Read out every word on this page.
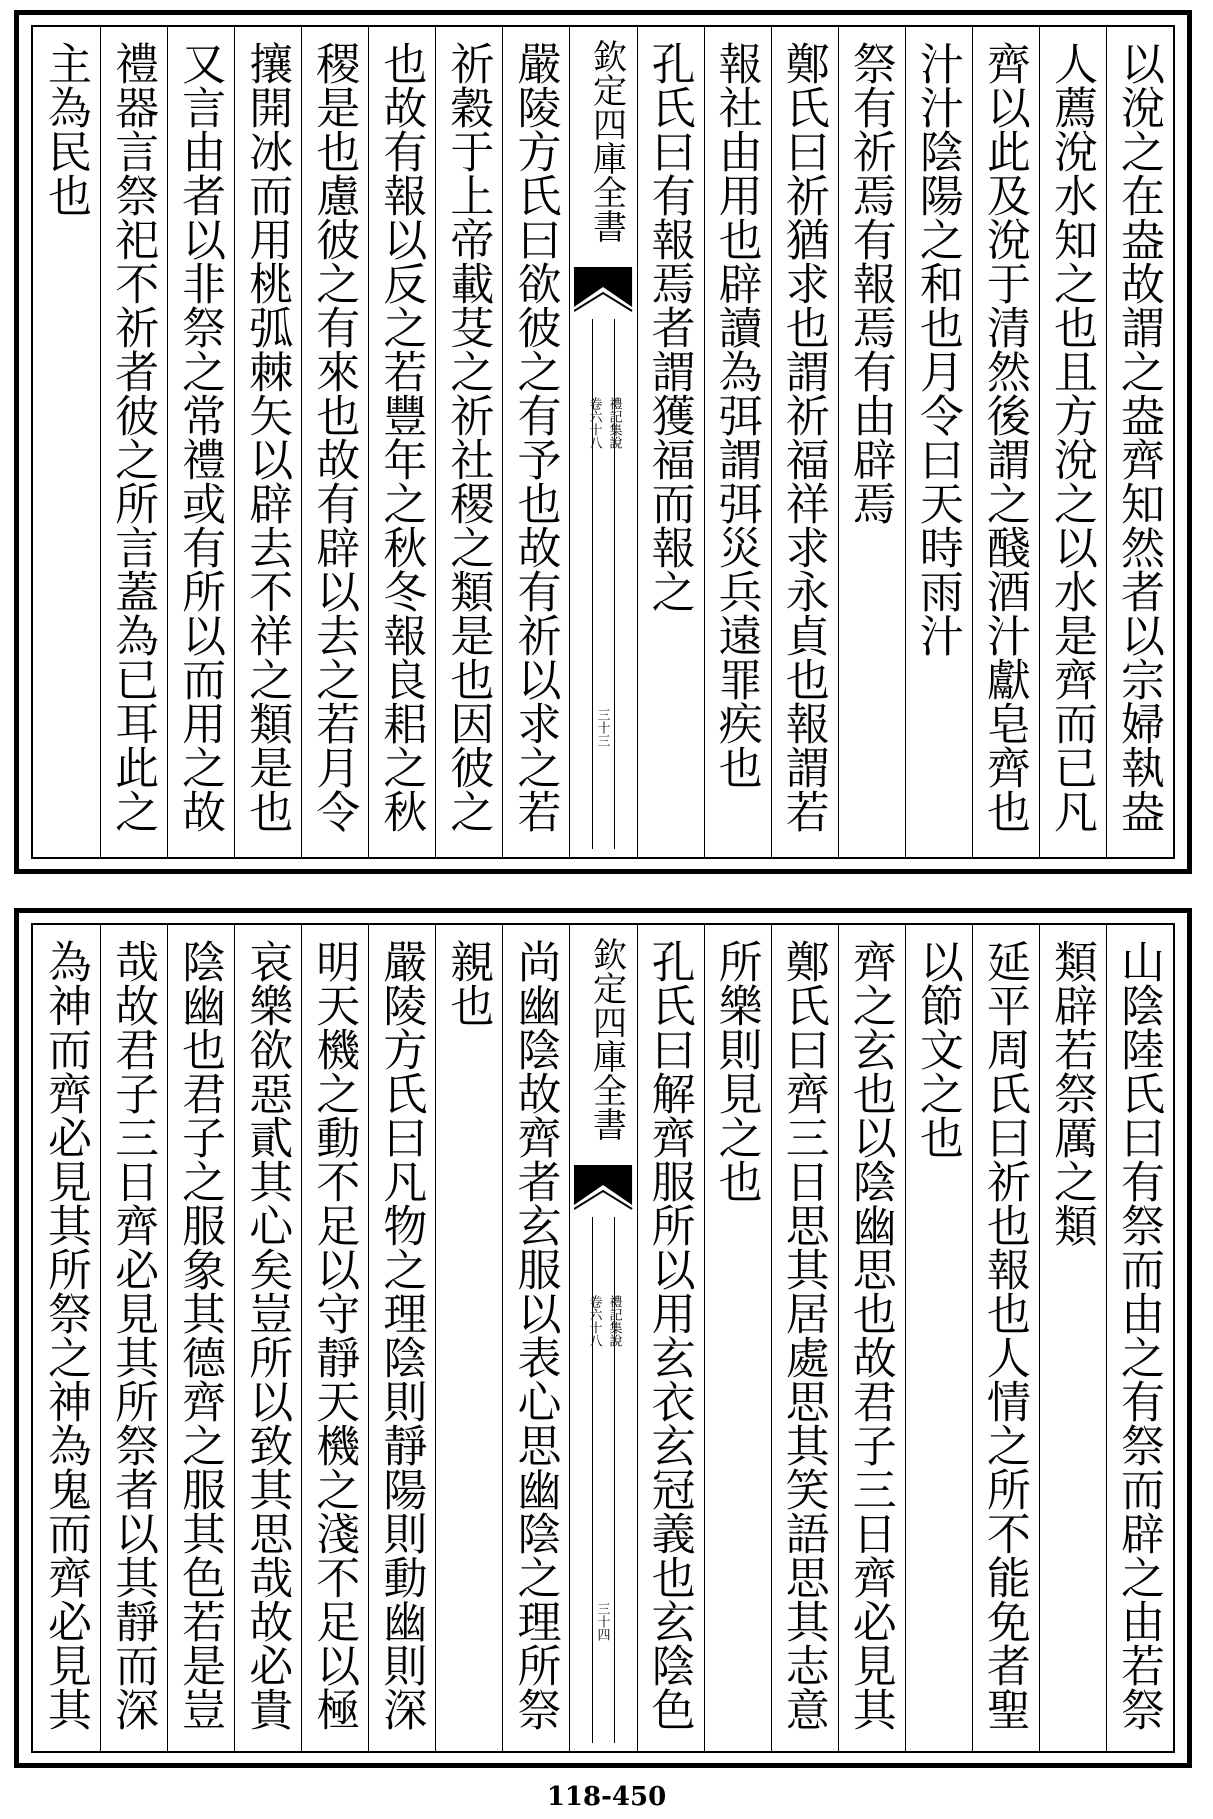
以涗之在盎故謂之盎齊知然者以宗婦執盎
人薦涗水知之也且方涗之以水是齊而已凡
齊以此及涗于清然後謂之醆酒汁獻皂齊也
汁汁陰陽之和也月令曰天時雨汁
祭有祈焉有報焉有由辟焉
鄭氏曰祈猶求也謂祈福祥求永貞也報謂若
報社由用也辟讀為弭謂弭災兵遠罪疾也
孔氏曰有報焉者謂獲福而報之
欽定四庫全書
禮記集說
卷六十八
三十三
嚴陵方氏曰欲彼之有予也故有祈以求之若
祈穀于上帝載芟之祈社稷之類是也因彼之
也故有報以反之若豐年之秋冬報良耜之秋
稷是也慮彼之有來也故有辟以去之若月令
攘開冰而用桃弧棘矢以辟去不祥之類是也
又言由者以非祭之常禮或有所以而用之故
禮器言祭祀不祈者彼之所言蓋為已耳此之
主為民也
山陰陸氏曰有祭而由之有祭而辟之由若祭
類辟若祭厲之類
延平周氏曰祈也報也人情之所不能免者聖
以節文之也
齊之玄也以陰幽思也故君子三日齊必見其
鄭氏曰齊三日思其居處思其笑語思其志意
所樂則見之也
孔氏曰解齊服所以用玄衣玄冠義也玄陰色
欽定四庫全書
禮記集說
卷六十八
三十四
尚幽陰故齊者玄服以表心思幽陰之理所祭
親也
嚴陵方氏曰凡物之理陰則靜陽則動幽則深
明天機之動不足以守靜天機之淺不足以極
哀樂欲惡貳其心矣豈所以致其思哉故必貴
陰幽也君子之服象其德齊之服其色若是豈
哉故君子三日齊必見其所祭者以其靜而深
為神而齊必見其所祭之神為鬼而齊必見其
118-450
